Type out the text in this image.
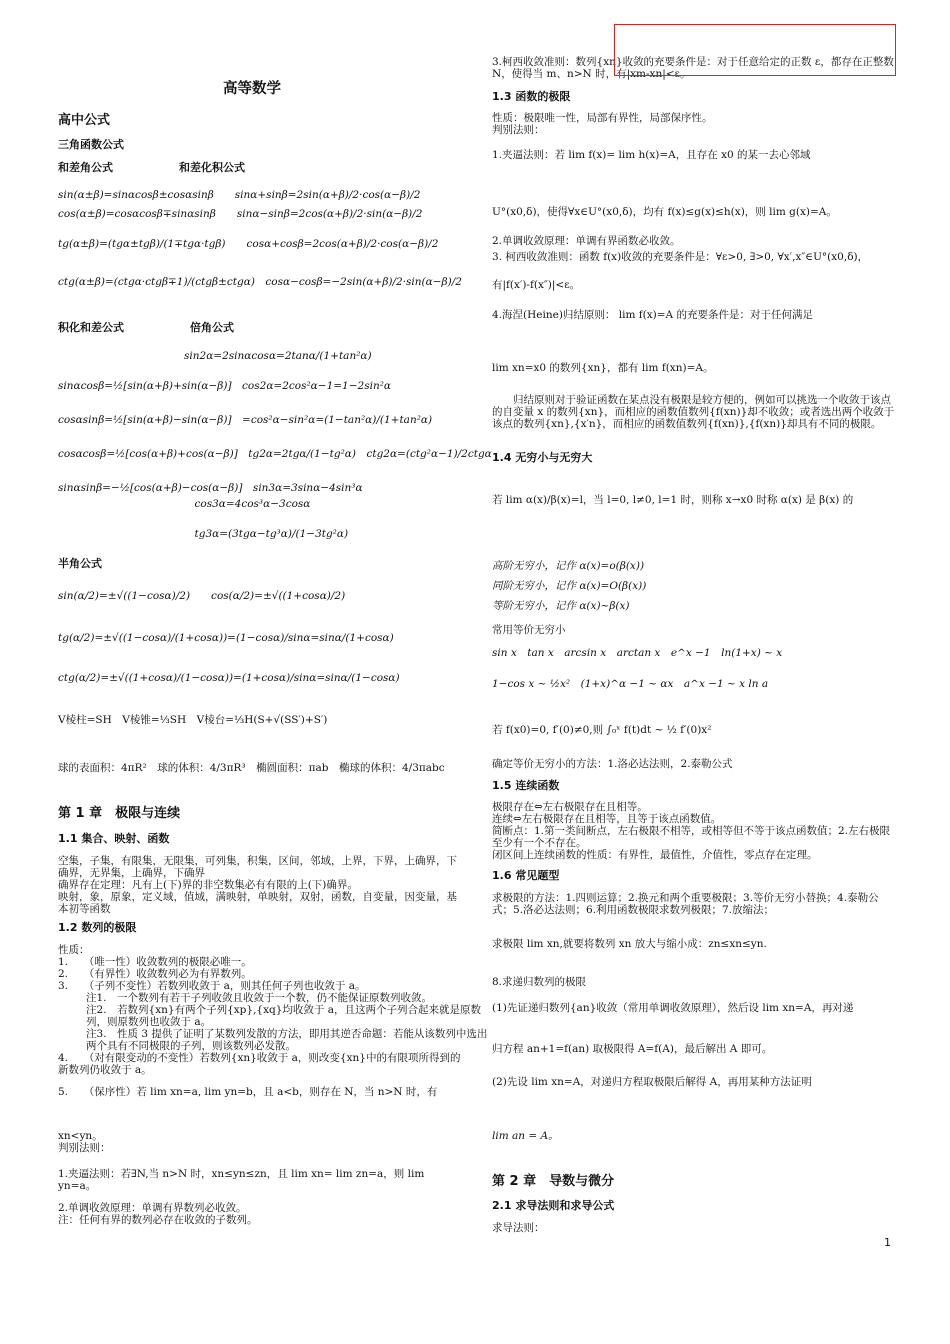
高等数学
高中公式
三角函数公式
和差角公式　　　　　　和差化积公式
sin(α±β)=sinαcosβ±cosαsinβ　　sinα+sinβ=2sin(α+β)/2·cos(α−β)/2
cos(α±β)=cosαcosβ∓sinαsinβ　　sinα−sinβ=2cos(α+β)/2·sin(α−β)/2
tg(α±β)=(tgα±tgβ)/(1∓tgα·tgβ)　　cosα+cosβ=2cos(α+β)/2·cos(α−β)/2
ctg(α±β)=(ctgα·ctgβ∓1)/(ctgβ±ctgα)　cosα−cosβ=−2sin(α+β)/2·sin(α−β)/2
积化和差公式　　　　　　倍角公式
　　　　　　　　　　　　sin2α=2sinαcosα=2tanα/(1+tan²α)
sinαcosβ=½[sin(α+β)+sin(α−β)]　cos2α=2cos²α−1=1−2sin²α
cosαsinβ=½[sin(α+β)−sin(α−β)]　=cos²α−sin²α=(1−tan²α)/(1+tan²α)
cosαcosβ=½[cos(α+β)+cos(α−β)]　tg2α=2tgα/(1−tg²α)　ctg2α=(ctg²α−1)/2ctgα
sinαsinβ=−½[cos(α+β)−cos(α−β)]　sin3α=3sinα−4sin³α
　　　　　　　　　　　　　cos3α=4cos³α−3cosα
　　　　　　　　　　　　　tg3α=(3tgα−tg³α)/(1−3tg²α)
半角公式
sin(α/2)=±√((1−cosα)/2)　　cos(α/2)=±√((1+cosα)/2)
tg(α/2)=±√((1−cosα)/(1+cosα))=(1−cosα)/sinα=sinα/(1+cosα)
ctg(α/2)=±√((1+cosα)/(1−cosα))=(1+cosα)/sinα=sinα/(1−cosα)
V棱柱=SH　V棱锥=⅓SH　V棱台=⅓H(S+√(SS′)+S′)
球的表面积：4πR²　球的体积：4/3πR³　椭圆面积：πab　椭球的体积：4/3πabc
第 1 章　极限与连续
1.1 集合、映射、函数
空集，子集，有限集，无限集，可列集，积集，区间，邻域，上界，下界，上确界，下确界，无界集，上确界，下确界
确界存在定理：凡有上(下)界的非空数集必有有限的上(下)确界。
映射，象，原象，定义域，值域，满映射，单映射，双射，函数，自变量，因变量，基本初等函数
1.2 数列的极限
性质：
1.　　（唯一性）收敛数列的极限必唯一。
2.　　（有界性）收敛数列必为有界数列。
3.　　（子列不变性）若数列收敛于 a，则其任何子列也收敛于 a。
注1.　一个数列有若干子列收敛且收敛于一个数，仍不能保证原数列收敛。
注2.　若数列{xn}有两个子列{xp},{xq}均收敛于 a，且这两个子列合起来就是原数列，则原数列也收敛于 a。
注3.　性质 3 提供了证明了某数列发散的方法，即用其逆否命题：若能从该数列中选出两个具有不同极限的子列，则该数列必发散。
4.　　（对有限变动的不变性）若数列{xn}收敛于 a，则改变{xn}中的有限项所得到的新数列仍收敛于 a。
5.　　（保序性）若 lim xn=a, lim yn=b，且 a<b，则存在 N，当 n>N 时，有
xn<yn。
判别法则：
1.夹逼法则：若∃N,当 n>N 时，xn≤yn≤zn，且 lim xn= lim zn=a，则 lim yn=a。
2.单调收敛原理：单调有界数列必收敛。
注：任何有界的数列必存在收敛的子数列。
3.柯西收敛准则：数列{xn}收敛的充要条件是：对于任意给定的正数 ε，都存在正整数 N，使得当 m、n>N 时，有|xm-xn|<ε。
1.3 函数的极限
性质：极限唯一性，局部有界性，局部保序性。
判别法则：
1.夹逼法则：若 lim f(x)= lim h(x)=A，且存在 x0 的某一去心邻域
U°(x0,δ)，使得∀x∈U°(x0,δ)，均有 f(x)≤g(x)≤h(x)，则 lim g(x)=A。
2.单调收敛原理：单调有界函数必收敛。
3. 柯西收敛准则：函数 f(x)收敛的充要条件是：∀ε>0, ∃>0, ∀x′,x″∈U°(x0,δ)，
有|f(x′)-f(x″)|<ε。
4.海涅(Heine)归结原则： lim f(x)=A 的充要条件是：对于任何满足
lim xn=x0 的数列{xn}，都有 lim f(xn)=A。
　　归结原则对于验证函数在某点没有极限是较方便的，例如可以挑选一个收敛于该点的自变量 x 的数列{xn}，而相应的函数值数列{f(xn)}却不收敛；或者选出两个收敛于该点的数列{xn},{x′n}，而相应的函数值数列{f(xn)},{f(xn)}却具有不同的极限。
1.4 无穷小与无穷大
若 lim α(x)/β(x)=l，当 l=0, l≠0, l=1 时，则称 x→x0 时称 α(x) 是 β(x) 的
高阶无穷小，记作 α(x)=o(β(x))
同阶无穷小，记作 α(x)=O(β(x))
等阶无穷小，记作 α(x)~β(x)
常用等价无穷小
sin x　tan x　arcsin x　arctan x　e^x −1　ln(1+x) ~ x
1−cos x ~ ½x²　(1+x)^α −1 ~ αx　a^x −1 ~ x ln a
若 f(x0)=0, f′(0)≠0,则 ∫₀ˣ f(t)dt ~ ½ f′(0)x²
确定等价无穷小的方法：1.洛必达法则，2.泰勒公式
1.5 连续函数
极限存在⇔左右极限存在且相等。
连续⇔左右极限存在且相等，且等于该点函数值。
简断点：1.第一类间断点，左右极限不相等，或相等但不等于该点函数值；2.左右极限至少有一个不存在。
闭区间上连续函数的性质：有界性，最值性，介值性，零点存在定理。
1.6 常见题型
求极限的方法：1.四则运算；2.换元和两个重要极限；3.等价无穷小替换；4.泰勒公式；5.洛必达法则；6.利用函数极限求数列极限；7.放缩法；
求极限 lim xn,就要将数列 xn 放大与缩小成：zn≤xn≤yn.
8.求递归数列的极限
(1)先证递归数列{an}收敛（常用单调收敛原理），然后设 lim xn=A，再对递
归方程 an+1=f(an) 取极限得 A=f(A)，最后解出 A 即可。
(2)先设 lim xn=A，对递归方程取极限后解得 A，再用某种方法证明
lim an = A。
第 2 章　导数与微分
2.1 求导法则和求导公式
求导法则：
1
